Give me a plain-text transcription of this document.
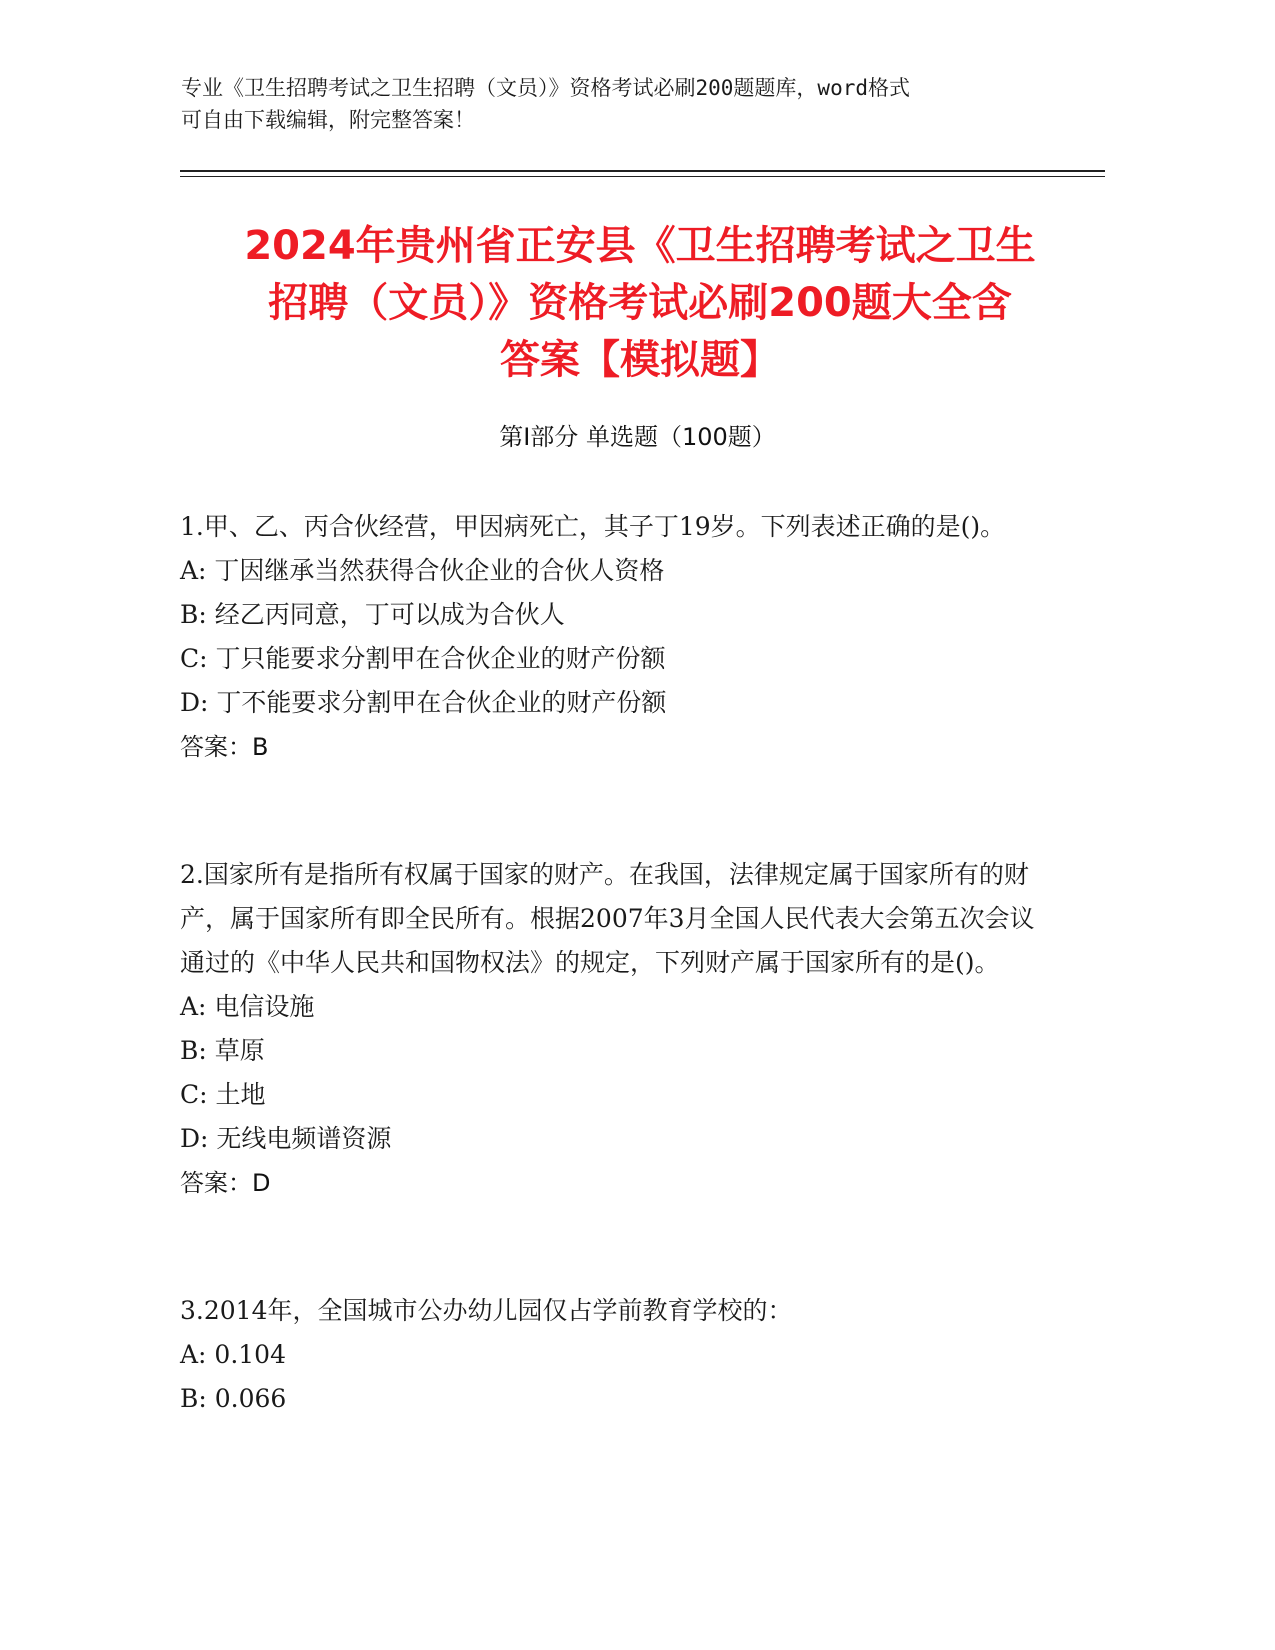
专业《卫生招聘考试之卫生招聘（文员）》资格考试必刷200题题库，word格式
可自由下载编辑，附完整答案！
2024年贵州省正安县《卫生招聘考试之卫生
招聘（文员）》资格考试必刷200题大全含
答案【模拟题】
第Ⅰ部分 单选题（100题）
1.甲、乙、丙合伙经营，甲因病死亡，其子丁19岁。下列表述正确的是()。
A: 丁因继承当然获得合伙企业的合伙人资格
B: 经乙丙同意，丁可以成为合伙人
C: 丁只能要求分割甲在合伙企业的财产份额
D: 丁不能要求分割甲在合伙企业的财产份额
答案：B
2.国家所有是指所有权属于国家的财产。在我国，法律规定属于国家所有的财产，属于国家所有即全民所有。根据2007年3月全国人民代表大会第五次会议通过的《中华人民共和国物权法》的规定，下列财产属于国家所有的是()。
A: 电信设施
B: 草原
C: 土地
D: 无线电频谱资源
答案：D
3.2014年，全国城市公办幼儿园仅占学前教育学校的：
A: 0.104
B: 0.066
